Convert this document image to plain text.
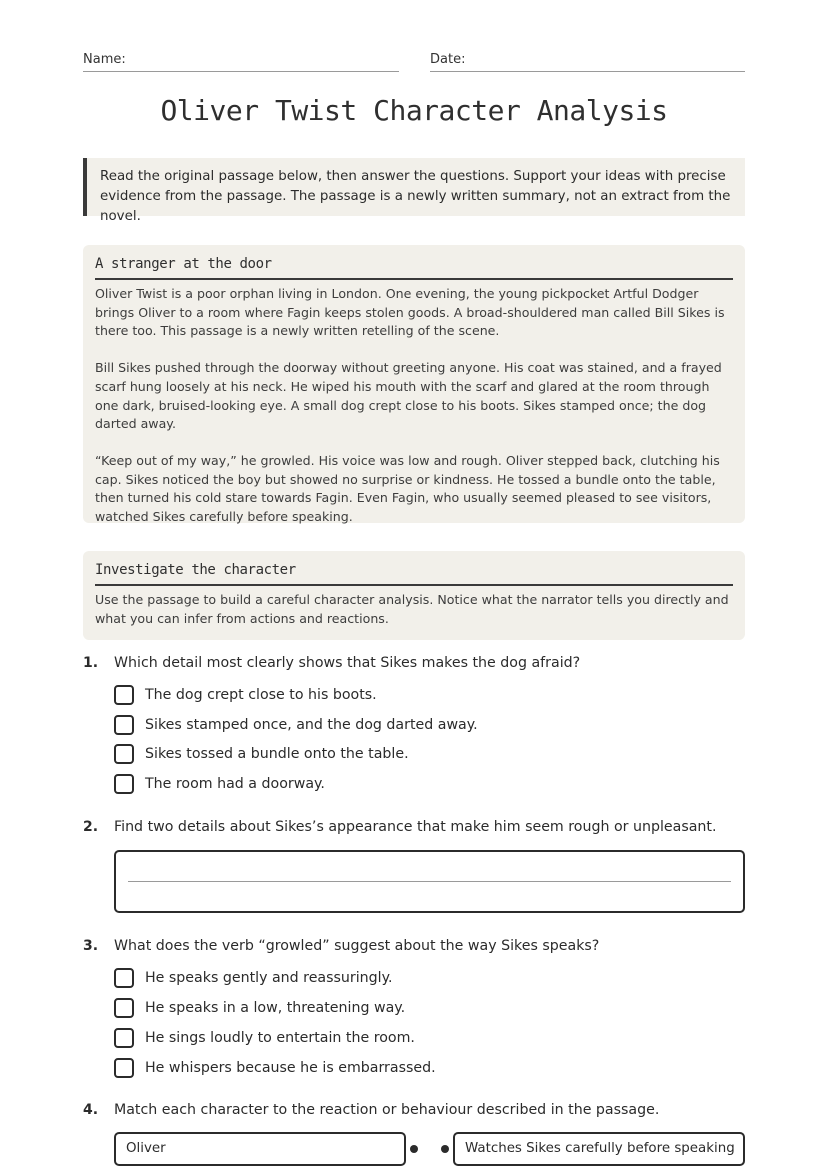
Name:	Date:
Oliver Twist Character Analysis
Read the original passage below, then answer the questions. Support your ideas with precise evidence from the passage. The passage is a newly written summary, not an extract from the novel.
A stranger at the door

Oliver Twist is a poor orphan living in London. One evening, the young pickpocket Artful Dodger brings Oliver to a room where Fagin keeps stolen goods. A broad-shouldered man called Bill Sikes is there too. This passage is a newly written retelling of the scene.

Bill Sikes pushed through the doorway without greeting anyone. His coat was stained, and a frayed scarf hung loosely at his neck. He wiped his mouth with the scarf and glared at the room through one dark, bruised-looking eye. A small dog crept close to his boots. Sikes stamped once; the dog darted away.

“Keep out of my way,” he growled. His voice was low and rough. Oliver stepped back, clutching his cap. Sikes noticed the boy but showed no surprise or kindness. He tossed a bundle onto the table, then turned his cold stare towards Fagin. Even Fagin, who usually seemed pleased to see visitors, watched Sikes carefully before speaking.

Investigate the character

Use the passage to build a careful character analysis. Notice what the narrator tells you directly and what you can infer from actions and reactions.

1. Which detail most clearly shows that Sikes makes the dog afraid?
The dog crept close to his boots.
Sikes stamped once, and the dog darted away.
Sikes tossed a bundle onto the table.
The room had a doorway.
2. Find two details about Sikes’s appearance that make him seem rough or unpleasant.
3. What does the verb “growled” suggest about the way Sikes speaks?
He speaks gently and reassuringly.
He speaks in a low, threatening way.
He sings loudly to entertain the room.
He whispers because he is embarrassed.
4. Match each character to the reaction or behaviour described in the passage.
Oliver	Watches Sikes carefully before speaking
